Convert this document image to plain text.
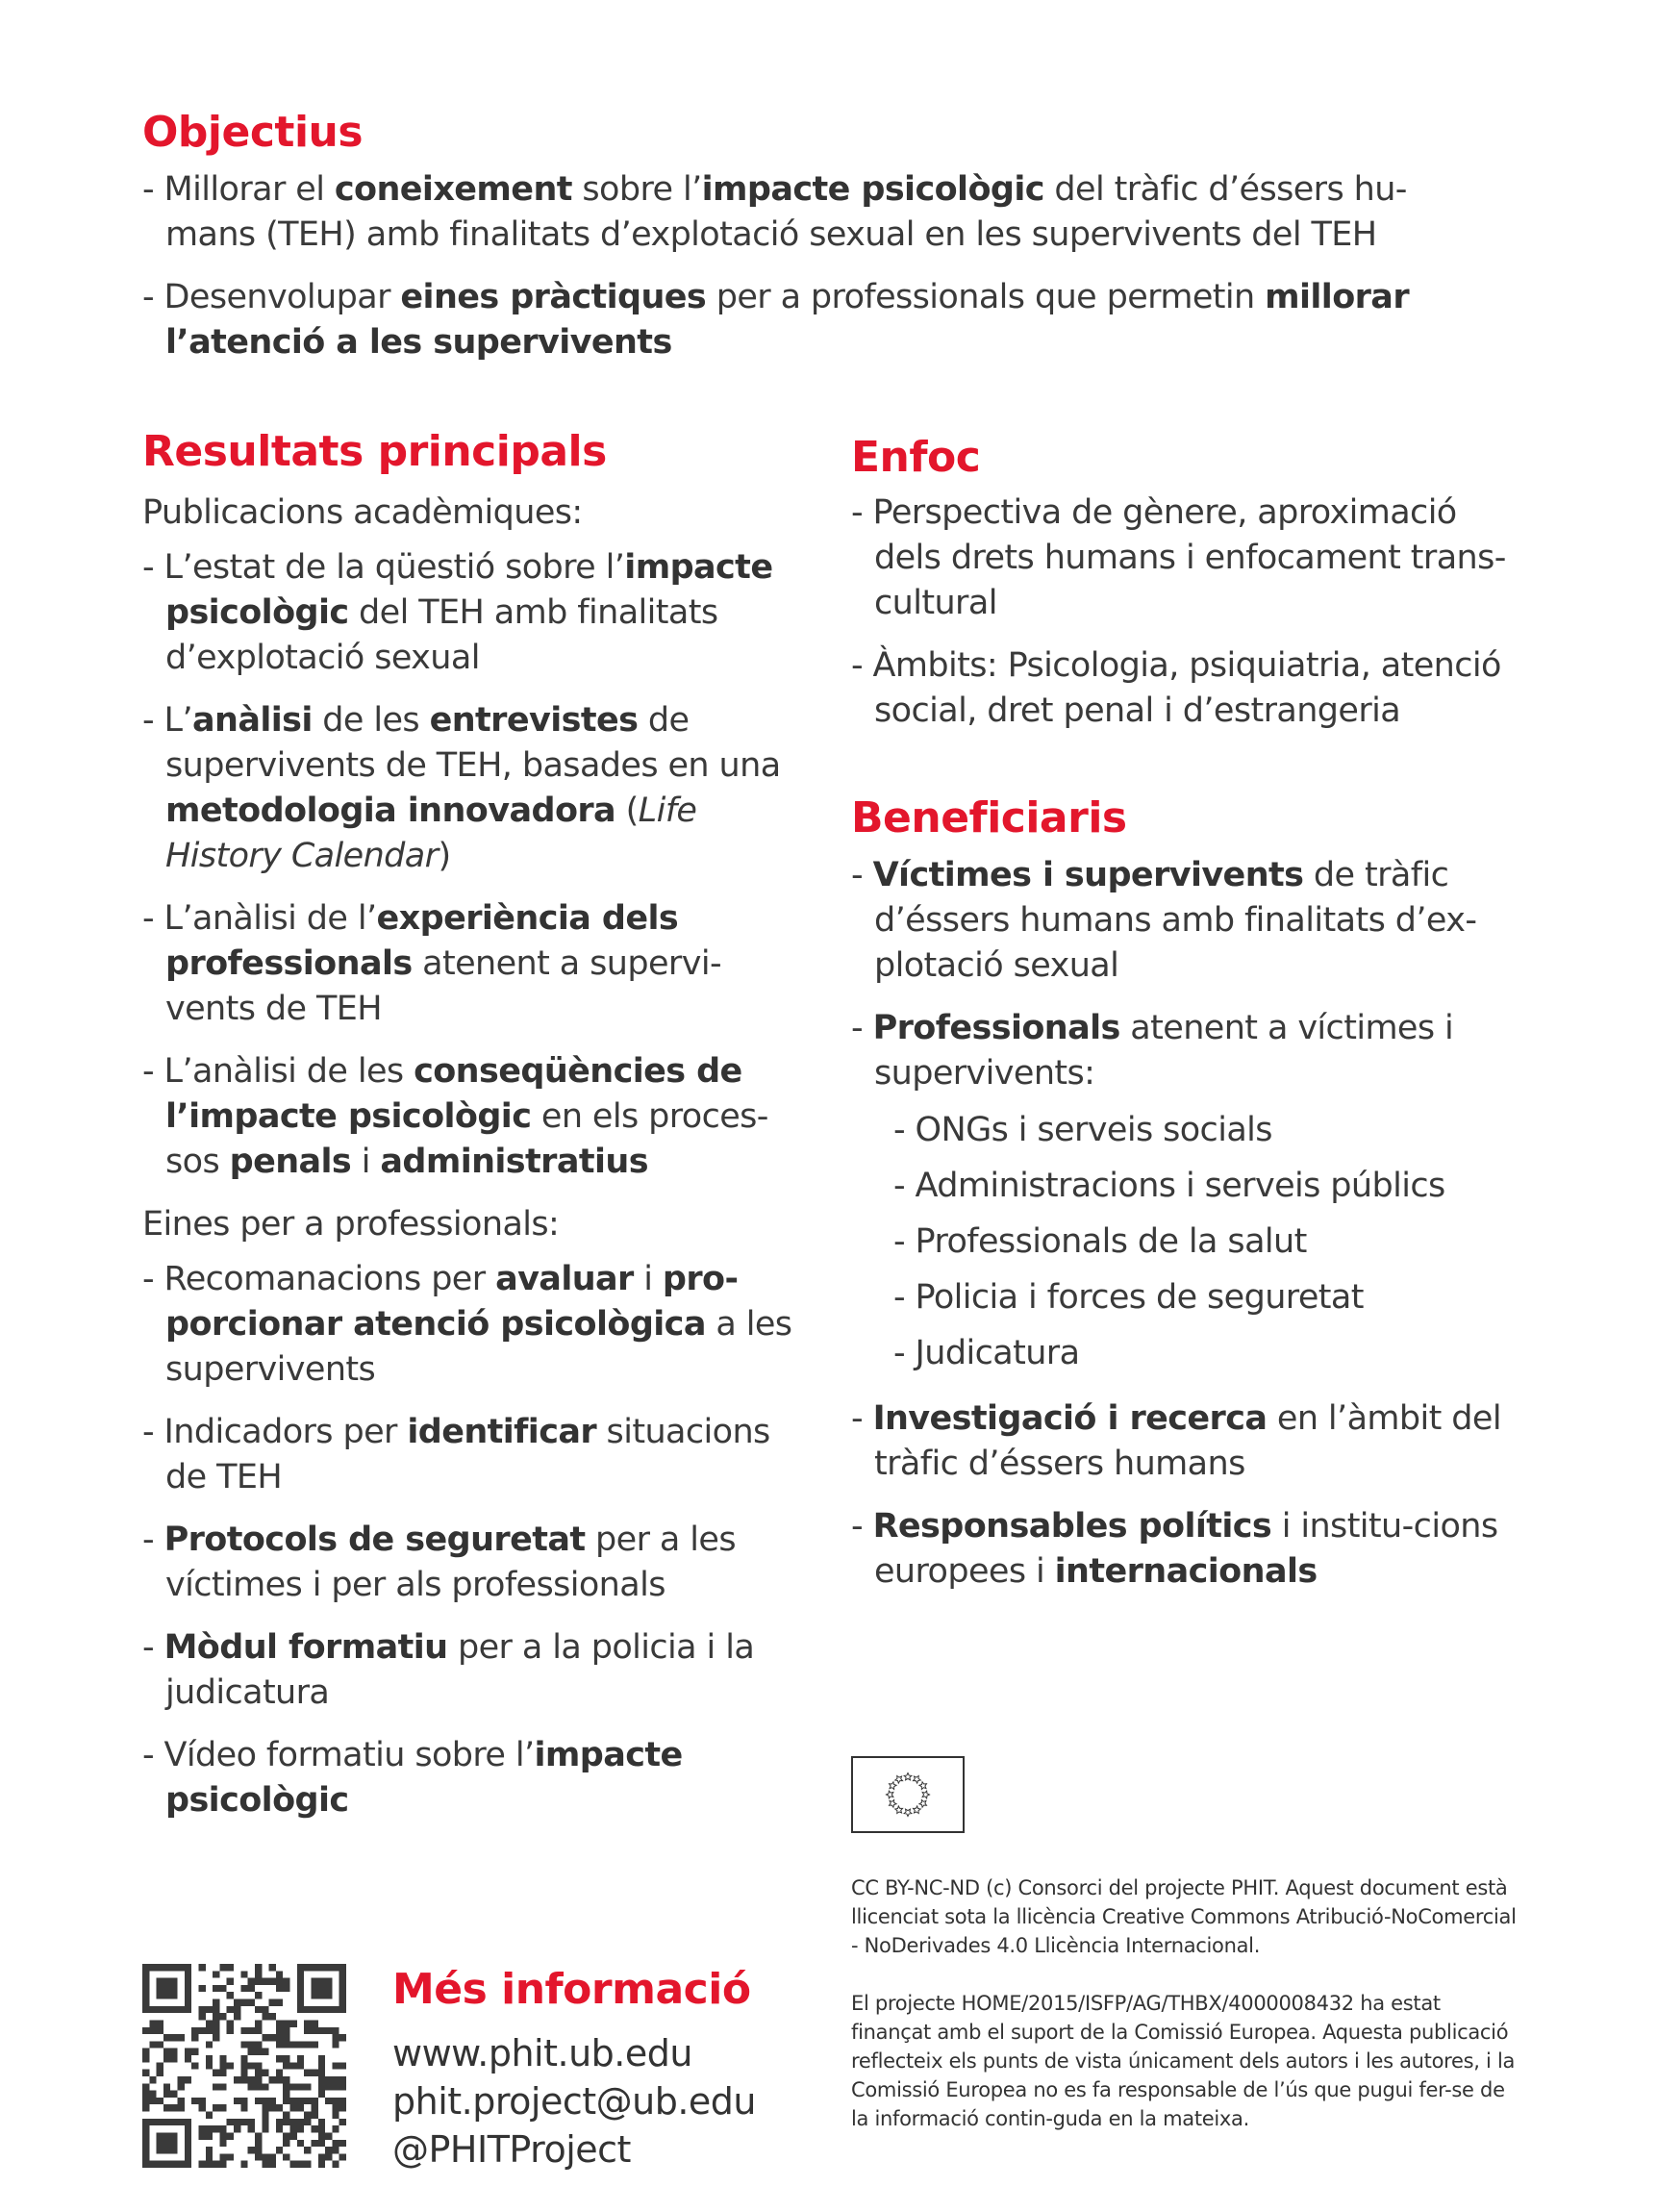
Objectius

- Millorar el coneixement sobre l’impacte psicològic del tràfic d’éssers hu-mans (TEH) amb finalitats d’explotació sexual en les supervivents del TEH

- Desenvolupar eines pràctiques per a professionals que permetin millorar l’atenció a les supervivents

Resultats principals

Publicacions acadèmiques:

- L’estat de la qüestió sobre l’impacte psicològic del TEH amb finalitats d’explotació sexual

- L’anàlisi de les entrevistes de supervivents de TEH, basades en una metodologia innovadora (Life History Calendar)

- L’anàlisi de l’experiència dels professionals atenent a supervi-vents de TEH

- L’anàlisi de les conseqüències de l’impacte psicològic en els proces-sos penals i administratius

Eines per a professionals:

- Recomanacions per avaluar i pro-porcionar atenció psicològica a les supervivents

- Indicadors per identificar situacions de TEH

- Protocols de seguretat per a les víctimes i per als professionals

- Mòdul formatiu per a la policia i la judicatura

- Vídeo formatiu sobre l’impacte psicològic

Enfoc

- Perspectiva de gènere, aproximació dels drets humans i enfocament trans-cultural

- Àmbits: Psicologia, psiquiatria, atenció social, dret penal i d’estrangeria

Beneficiaris

- Víctimes i supervivents de tràfic d’éssers humans amb finalitats d’ex-plotació sexual

- Professionals atenent a víctimes i supervivents:

- ONGs i serveis socials

- Administracions i serveis públics

- Professionals de la salut

- Policia i forces de seguretat

- Judicatura

- Investigació i recerca en l’àmbit del tràfic d’éssers humans

- Responsables polítics i institu-cions europees i internacionals

CC BY-NC-ND (c) Consorci del projecte PHIT. Aquest document està llicenciat sota la llicència Creative Commons Atribució-NoComercial - NoDerivades 4.0 Llicència Internacional.

El projecte HOME/2015/ISFP/AG/THBX/4000008432 ha estat finançat amb el suport de la Comissió Europea. Aquesta publicació reflecteix els punts de vista únicament dels autors i les autores, i la Comissió Europea no es fa responsable de l’ús que pugui fer-se de la informació contin-guda en la mateixa.

Més informació

www.phit.ub.edu

phit.project@ub.edu

@PHITProject
